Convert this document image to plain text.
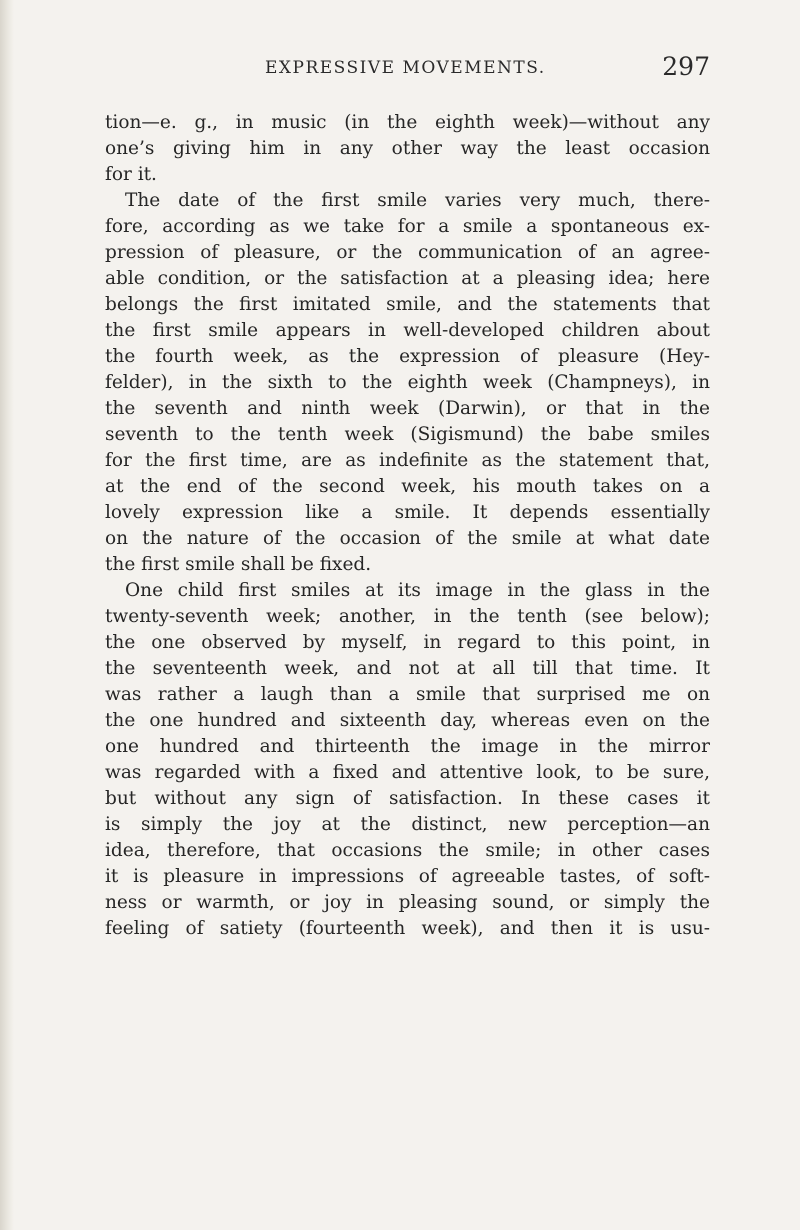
EXPRESSIVE MOVEMENTS.	297
tion—e. g., in music (in the eighth week)—without any
one’s giving him in any other way the least occasion
for it.
The date of the first smile varies very much, there-
fore, according as we take for a smile a spontaneous ex-
pression of pleasure, or the communication of an agree-
able condition, or the satisfaction at a pleasing idea; here
belongs the first imitated smile, and the statements that
the first smile appears in well-developed children about
the fourth week, as the expression of pleasure (Hey-
felder), in the sixth to the eighth week (Champneys), in
the seventh and ninth week (Darwin), or that in the
seventh to the tenth week (Sigismund) the babe smiles
for the first time, are as indefinite as the statement that,
at the end of the second week, his mouth takes on a
lovely expression like a smile. It depends essentially
on the nature of the occasion of the smile at what date
the first smile shall be fixed.
One child first smiles at its image in the glass in the
twenty-seventh week; another, in the tenth (see below);
the one observed by myself, in regard to this point, in
the seventeenth week, and not at all till that time. It
was rather a laugh than a smile that surprised me on
the one hundred and sixteenth day, whereas even on the
one hundred and thirteenth the image in the mirror
was regarded with a fixed and attentive look, to be sure,
but without any sign of satisfaction. In these cases it
is simply the joy at the distinct, new perception—an
idea, therefore, that occasions the smile; in other cases
it is pleasure in impressions of agreeable tastes, of soft-
ness or warmth, or joy in pleasing sound, or simply the
feeling of satiety (fourteenth week), and then it is usu-
